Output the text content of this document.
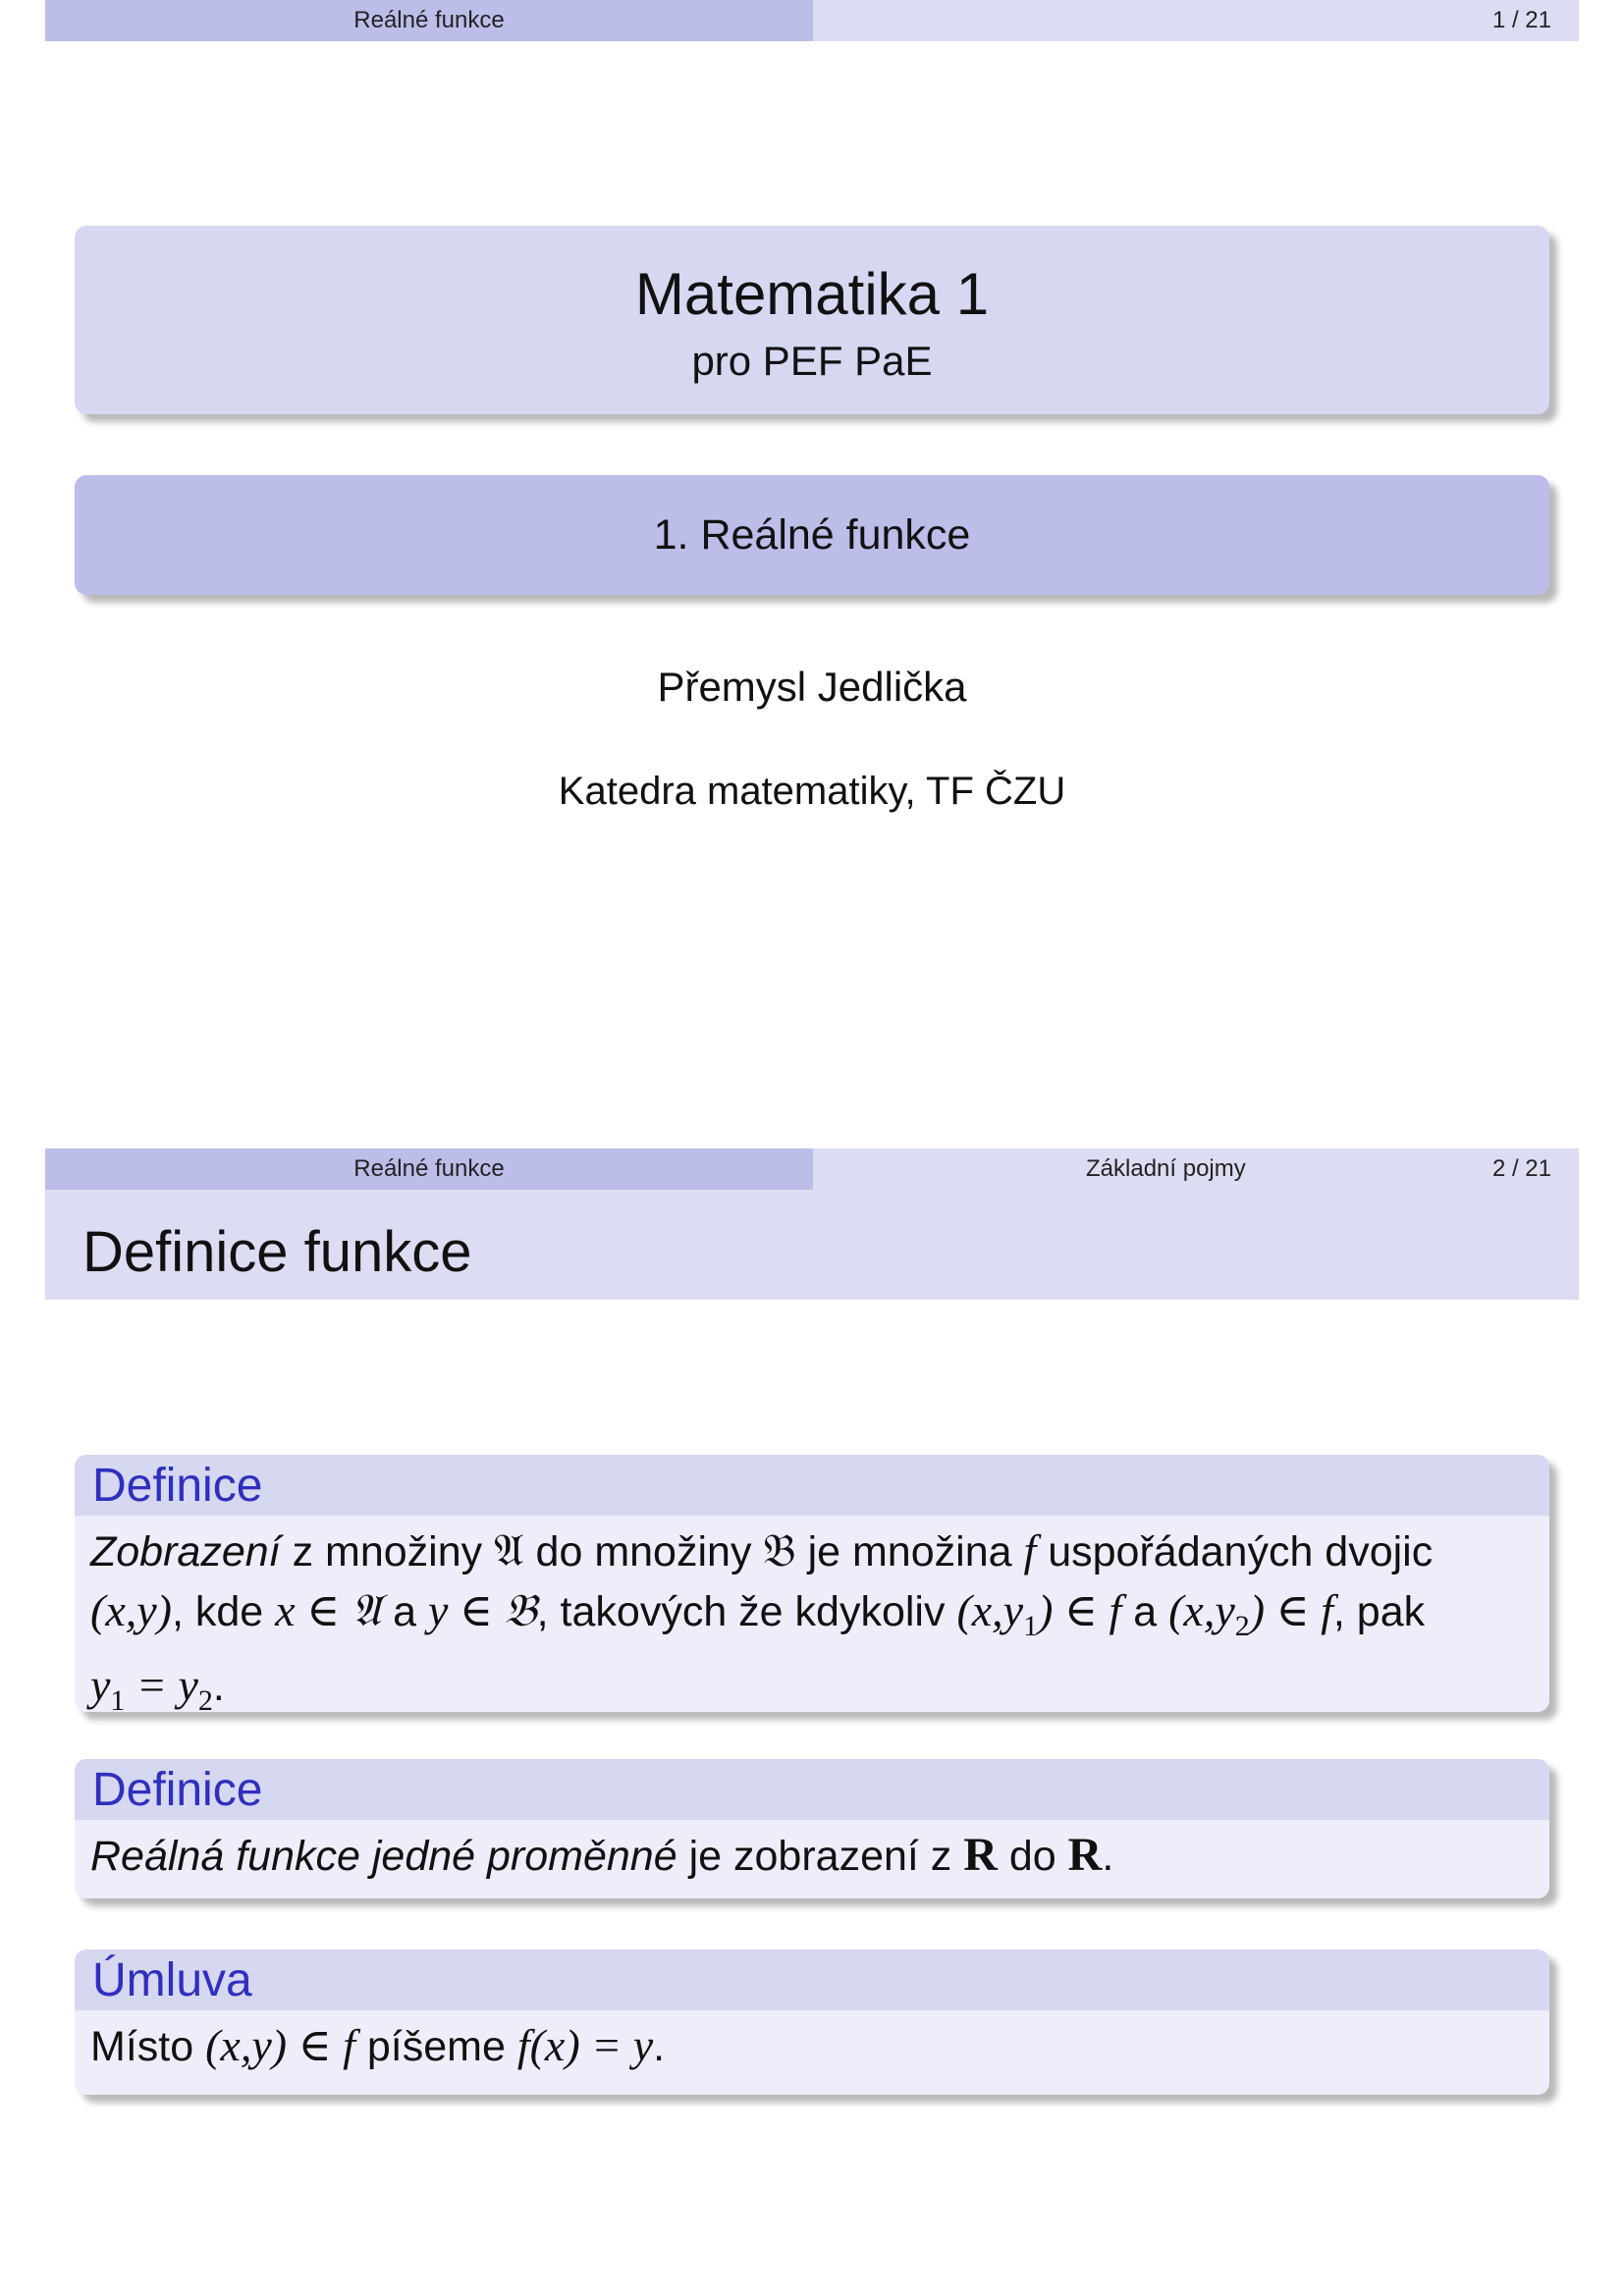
Reálné funkce	1 / 21
Matematika 1
pro PEF PaE
1. Reálné funkce
Přemysl Jedlička
Katedra matematiky, TF ČZU
Reálné funkce	Základní pojmy	2 / 21
Definice funkce
Definice
Zobrazení z množiny 𝔄 do množiny 𝔅 je množina f uspořádaných dvojic
(x,y), kde x ∈ 𝔄 a y ∈ 𝔅, takových že kdykoliv $(x,y_1)$ ∈ f a $(x,y_2)$ ∈ f, pak
$y_1 = y_2$.
Definice
Reálná funkce jedné proměnné je zobrazení z R do R.
Úmluva
Místo (x,y) ∈ f píšeme f(x) = y.
